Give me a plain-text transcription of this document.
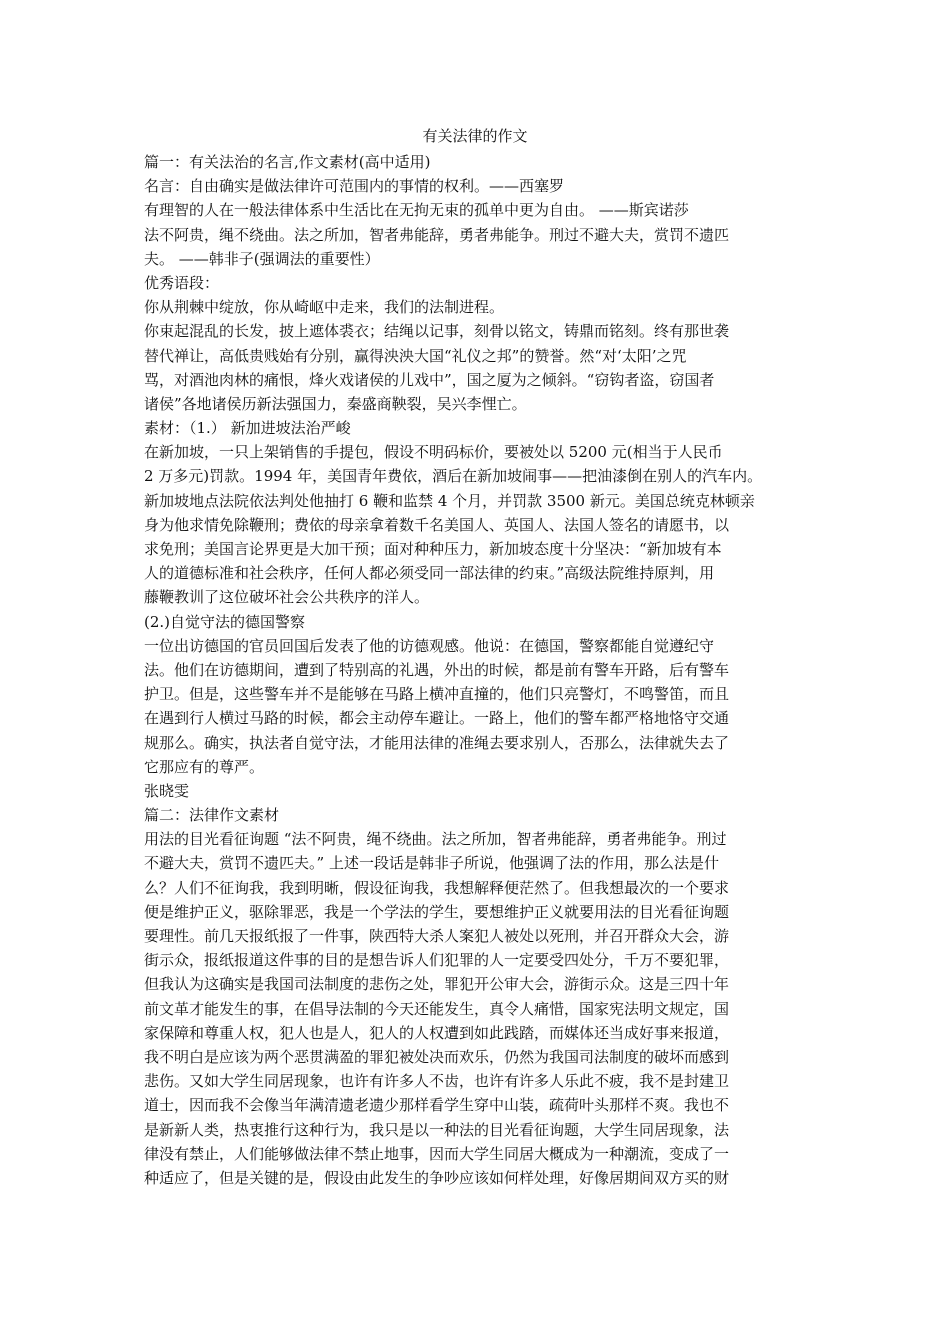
有关法律的作文
篇一：有关法治的名言,作文素材(高中适用)
名言：自由确实是做法律许可范围内的事情的权利。——西塞罗
有理智的人在一般法律体系中生活比在无拘无束的孤单中更为自由。 ——斯宾诺莎
法不阿贵，绳不绕曲。法之所加，智者弗能辞，勇者弗能争。刑过不避大夫，赏罚不遗匹
夫。 ——韩非子(强调法的重要性）
优秀语段：
你从荆棘中绽放，你从崎岖中走来，我们的法制进程。
你束起混乱的长发，披上遮体裘衣；结绳以记事，刻骨以铭文，铸鼎而铭刻。终有那世袭
替代禅让，高低贵贱始有分别，赢得泱泱大国“礼仪之邦”的赞誉。然“对‘太阳’之咒
骂，对酒池肉林的痛恨，烽火戏诸侯的儿戏中”，国之厦为之倾斜。“窃钩者盗，窃国者
诸侯”各地诸侯历新法强国力，秦盛商鞅裂，吴兴李悝亡。
素材：（1.） 新加进坡法治严峻
在新加坡，一只上架销售的手提包，假设不明码标价，要被处以 5200 元(相当于人民币
2 万多元)罚款。1994 年，美国青年费依，酒后在新加坡闹事——把油漆倒在别人的汽车内。
新加坡地点法院依法判处他抽打 6 鞭和监禁 4 个月，并罚款 3500 新元。美国总统克林顿亲
身为他求情免除鞭刑；费依的母亲拿着数千名美国人、英国人、法国人签名的请愿书，以
求免刑；美国言论界更是大加干预；面对种种压力，新加坡态度十分坚决：“新加坡有本
人的道德标准和社会秩序，任何人都必须受同一部法律的约束。”高级法院维持原判，用
藤鞭教训了这位破坏社会公共秩序的洋人。
(2.)自觉守法的德国警察
一位出访德国的官员回国后发表了他的访德观感。他说：在德国，警察都能自觉遵纪守
法。他们在访德期间，遭到了特别高的礼遇，外出的时候，都是前有警车开路，后有警车
护卫。但是，这些警车并不是能够在马路上横冲直撞的，他们只亮警灯，不鸣警笛，而且
在遇到行人横过马路的时候，都会主动停车避让。一路上，他们的警车都严格地恪守交通
规那么。确实，执法者自觉守法，才能用法律的准绳去要求别人，否那么，法律就失去了
它那应有的尊严。
张晓雯
篇二：法律作文素材
用法的目光看征询题 “法不阿贵，绳不绕曲。法之所加，智者弗能辞，勇者弗能争。刑过
不避大夫，赏罚不遗匹夫。” 上述一段话是韩非子所说，他强调了法的作用，那么法是什
么？人们不征询我，我到明晰，假设征询我，我想解释便茫然了。但我想最次的一个要求
便是维护正义，驱除罪恶，我是一个学法的学生，要想维护正义就要用法的目光看征询题
要理性。前几天报纸报了一件事，陕西特大杀人案犯人被处以死刑，并召开群众大会，游
街示众，报纸报道这件事的目的是想告诉人们犯罪的人一定要受四处分，千万不要犯罪，
但我认为这确实是我国司法制度的悲伤之处，罪犯开公审大会，游街示众。这是三四十年
前文革才能发生的事，在倡导法制的今天还能发生，真令人痛惜，国家宪法明文规定，国
家保障和尊重人权，犯人也是人，犯人的人权遭到如此践踏，而媒体还当成好事来报道，
我不明白是应该为两个恶贯满盈的罪犯被处决而欢乐，仍然为我国司法制度的破坏而感到
悲伤。又如大学生同居现象，也许有许多人不齿，也许有许多人乐此不疲，我不是封建卫
道士，因而我不会像当年满清遗老遗少那样看学生穿中山装，疏荷叶头那样不爽。我也不
是新新人类，热衷推行这种行为，我只是以一种法的目光看征询题，大学生同居现象，法
律没有禁止，人们能够做法律不禁止地事，因而大学生同居大概成为一种潮流，变成了一
种适应了，但是关键的是，假设由此发生的争吵应该如何样处理，好像居期间双方买的财
